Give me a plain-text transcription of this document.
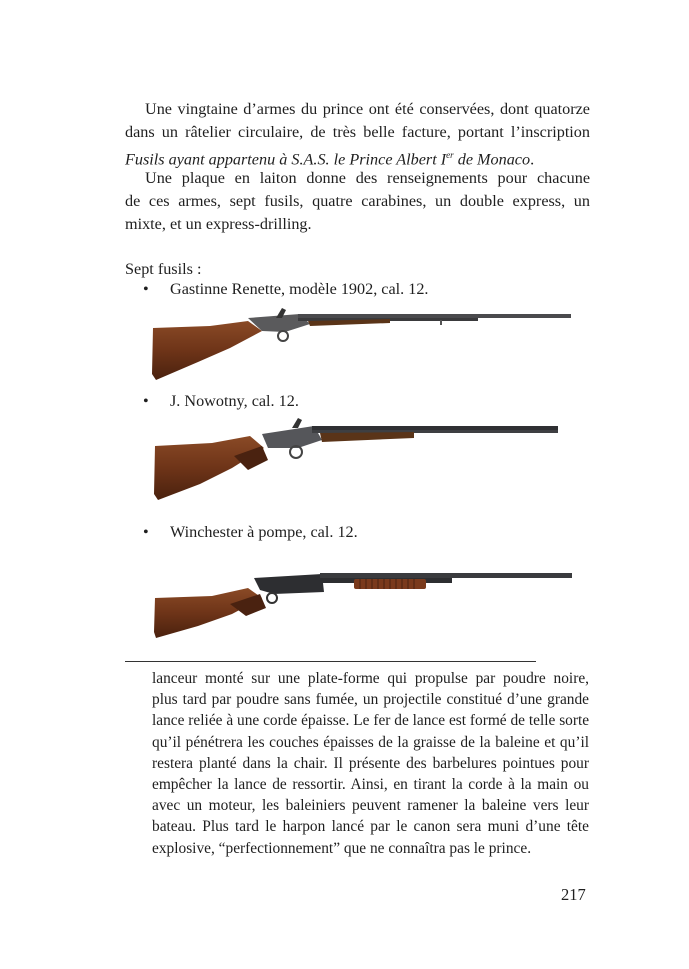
Une vingtaine d’armes du prince ont été conservées, dont quatorze
dans un râtelier circulaire, de très belle facture, portant l’inscription
Fusils ayant appartenu à S.A.S. le Prince Albert Ier de Monaco.
Une plaque en laiton donne des renseignements pour chacune
de ces armes, sept fusils, quatre carabines, un double express, un
mixte, et un express-drilling.
Sept fusils :
• Gastinne Renette, modèle 1902, cal. 12.
• J. Nowotny, cal. 12.
• Winchester à pompe, cal. 12.
lanceur monté sur une plate-forme qui propulse par poudre noire,
plus tard par poudre sans fumée, un projectile constitué d’une grande
lance reliée à une corde épaisse. Le fer de lance est formé de telle sorte
qu’il pénétrera les couches épaisses de la graisse de la baleine et qu’il
restera planté dans la chair. Il présente des barbelures pointues pour
empêcher la lance de ressortir. Ainsi, en tirant la corde à la main ou
avec un moteur, les baleiniers peuvent ramener la baleine vers leur
bateau. Plus tard le harpon lancé par le canon sera muni d’une tête
explosive, “perfectionnement” que ne connaîtra pas le prince.
217
